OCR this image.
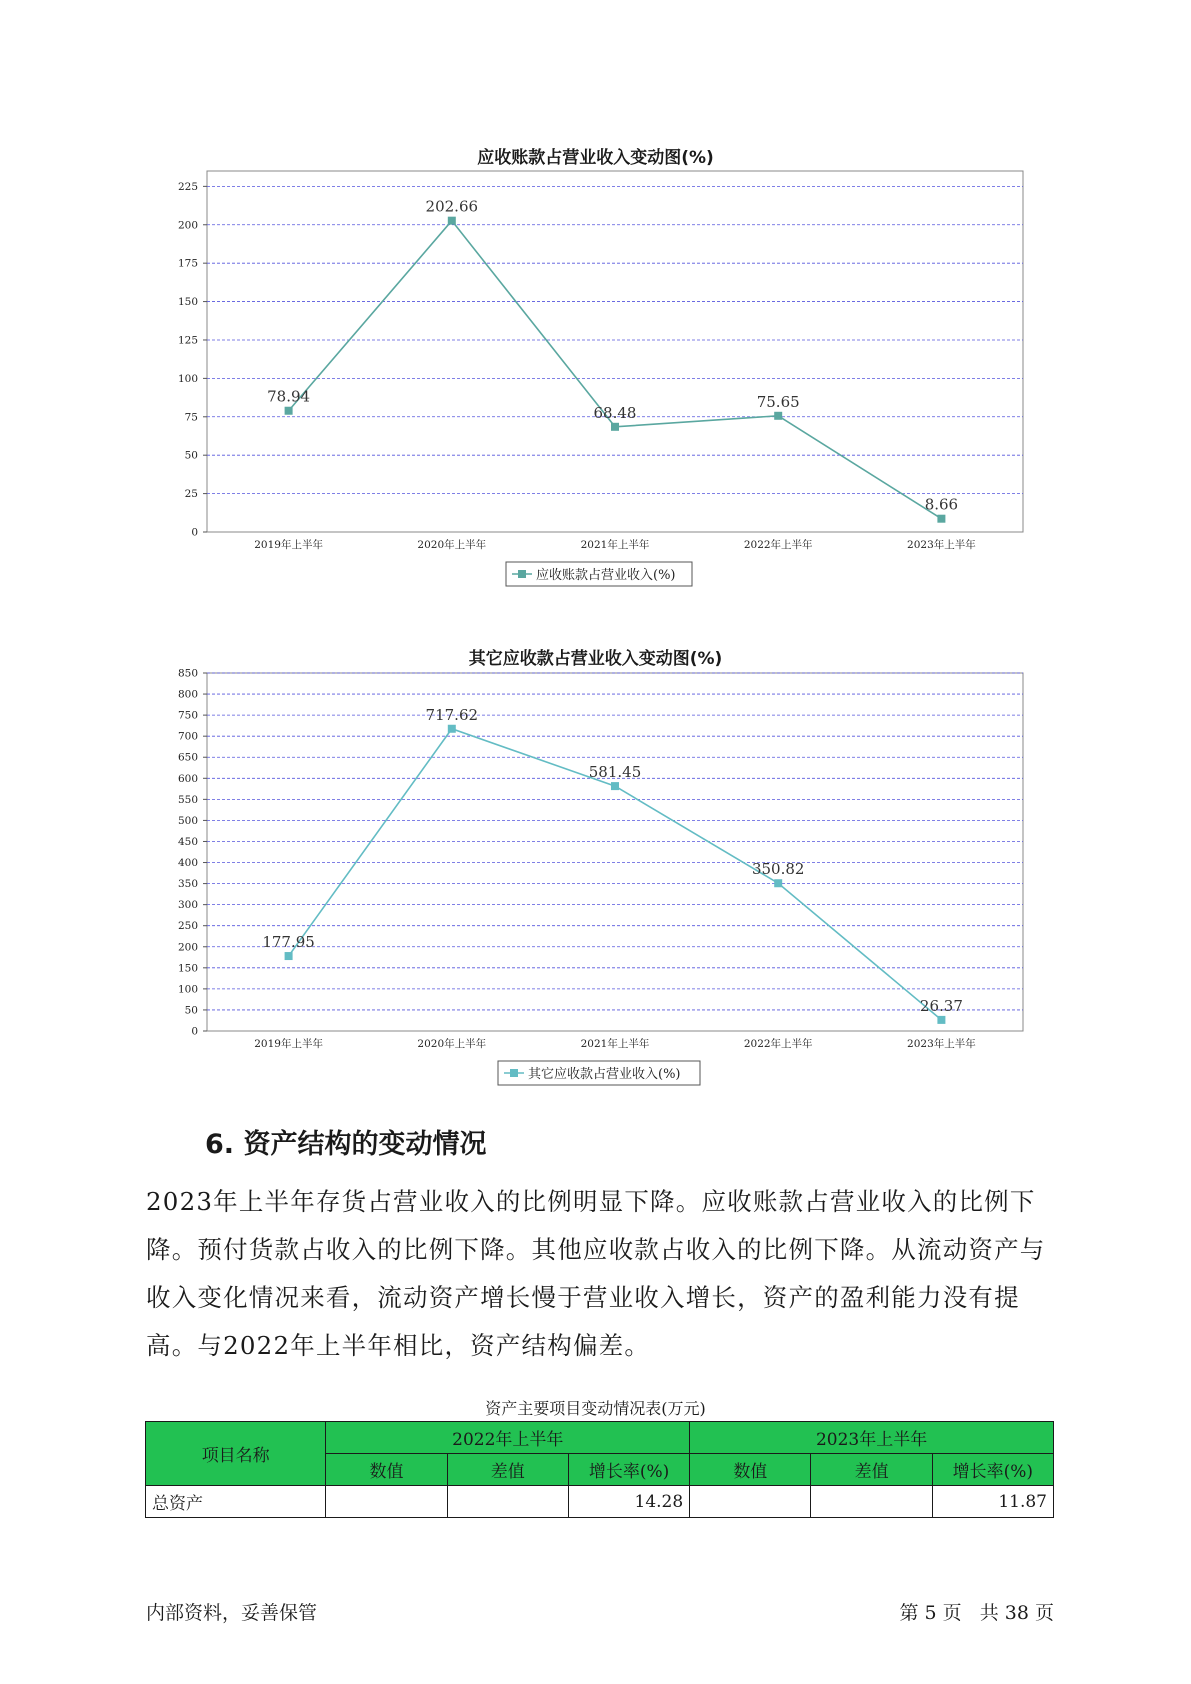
应收账款占营业收入变动图(%)
0
25
50
75
100
125
150
175
200
225
2019年上半年	2020年上半年	2021年上半年	2022年上半年	2023年上半年
78.94
202.66
68.48
75.65
8.66
应收账款占营业收入(%)
其它应收款占营业收入变动图(%)
0
50
100
150
200
250
300
350
400
450
500
550
600
650
700
750
800
850
2019年上半年	2020年上半年	2021年上半年	2022年上半年	2023年上半年
177.95
717.62
581.45
350.82
26.37
其它应收款占营业收入(%)
6. 资产结构的变动情况

2023年上半年存货占营业收入的比例明显下降。应收账款占营业收入的比例下降。预付货款占收入的比例下降。其他应收款占收入的比例下降。从流动资产与收入变化情况来看，流动资产增长慢于营业收入增长，资产的盈利能力没有提高。与2022年上半年相比，资产结构偏差。

资产主要项目变动情况表(万元)
项目名称	2022年上半年			2023年上半年		
	数值	差值	增长率(%)	数值	差值	增长率(%)
总资产			14.28			11.87
内部资料，妥善保管	第 5 页   共 38 页
